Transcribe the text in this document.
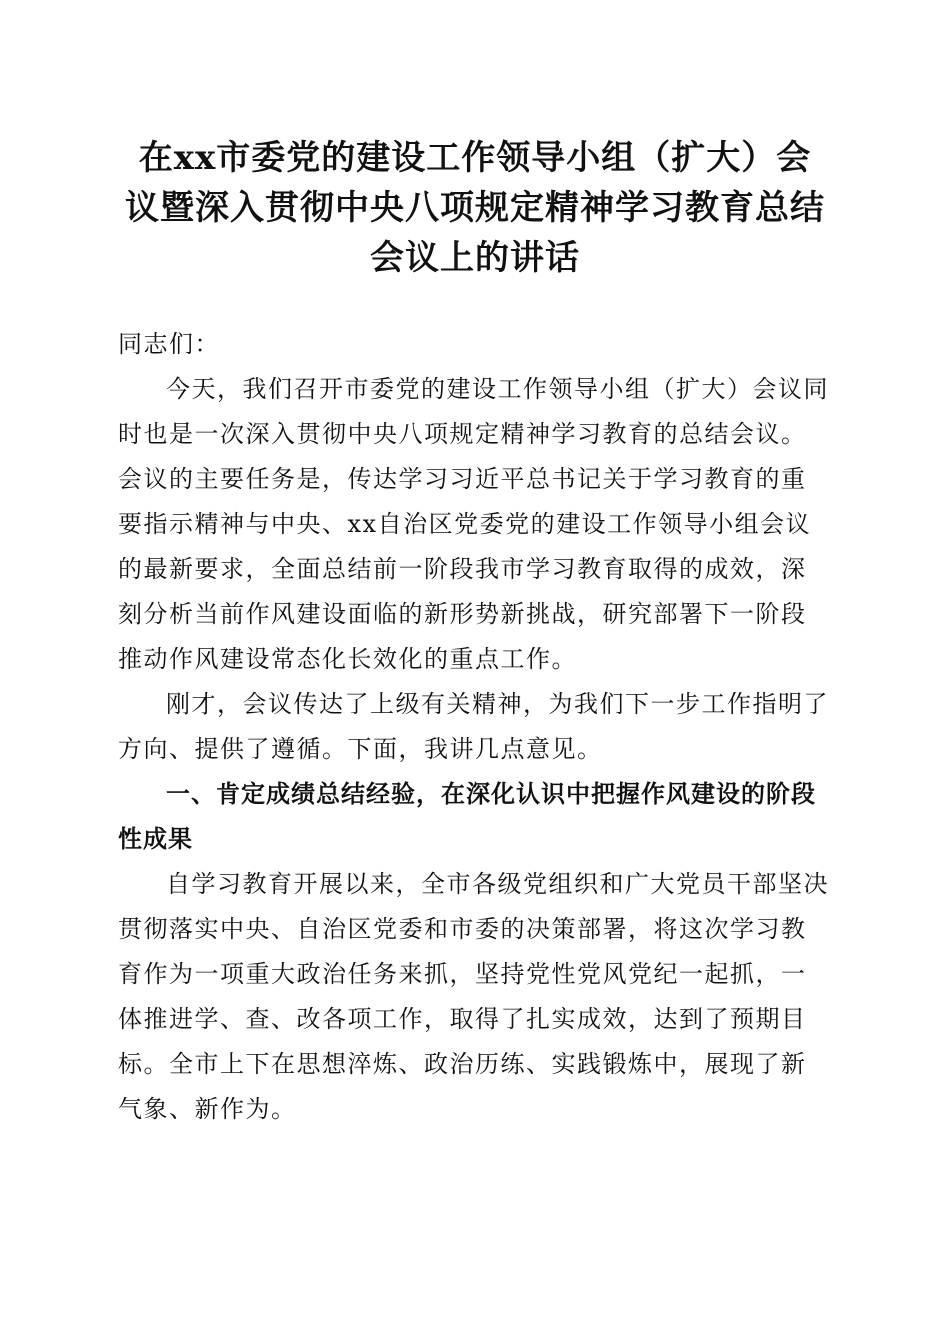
在xx市委党的建设工作领导小组（扩大）会
议暨深入贯彻中央八项规定精神学习教育总结
会议上的讲话

同志们：

今天，我们召开市委党的建设工作领导小组（扩大）会议同时也是一次深入贯彻中央八项规定精神学习教育的总结会议。会议的主要任务是，传达学习习近平总书记关于学习教育的重要指示精神与中央、xx自治区党委党的建设工作领导小组会议的最新要求，全面总结前一阶段我市学习教育取得的成效，深刻分析当前作风建设面临的新形势新挑战，研究部署下一阶段推动作风建设常态化长效化的重点工作。

刚才，会议传达了上级有关精神，为我们下一步工作指明了方向、提供了遵循。下面，我讲几点意见。

一、肯定成绩总结经验，在深化认识中把握作风建设的阶段性成果

自学习教育开展以来，全市各级党组织和广大党员干部坚决贯彻落实中央、自治区党委和市委的决策部署，将这次学习教育作为一项重大政治任务来抓，坚持党性党风党纪一起抓，一体推进学、查、改各项工作，取得了扎实成效，达到了预期目标。全市上下在思想淬炼、政治历练、实践锻炼中，展现了新气象、新作为。
